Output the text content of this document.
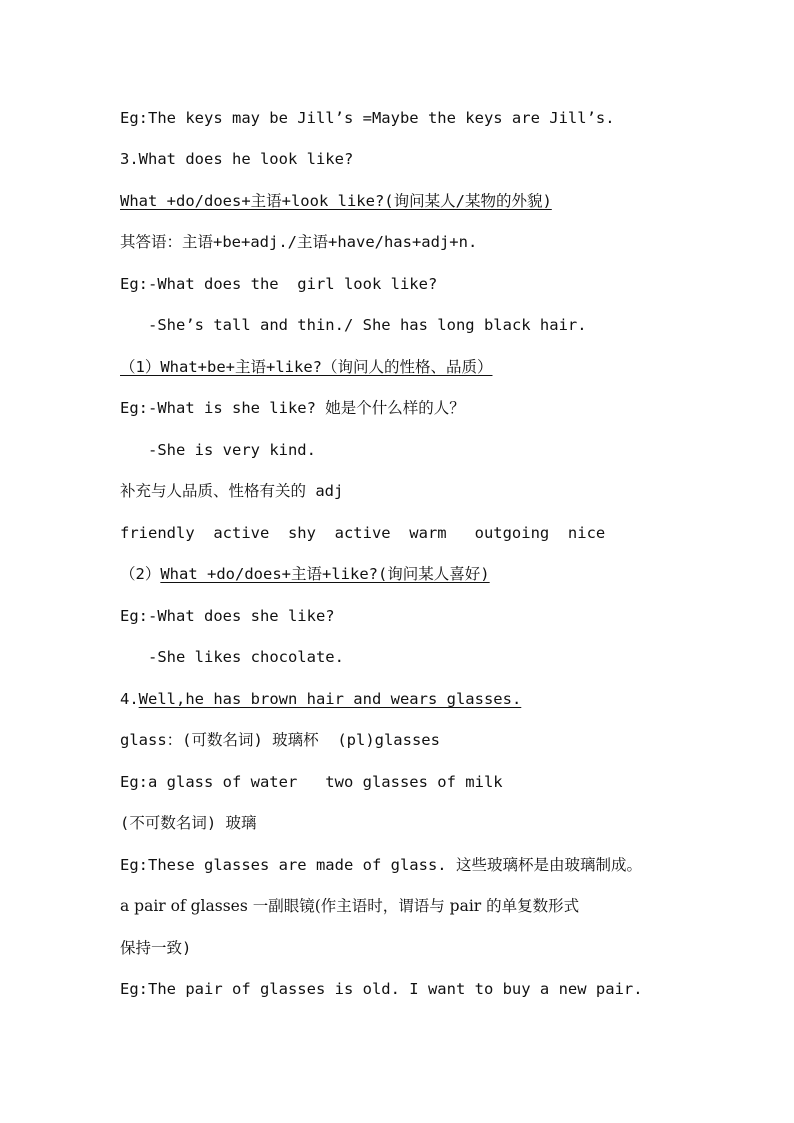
Eg:The keys may be Jill’s =Maybe the keys are Jill’s.
3.What does he look like?
What +do/does+主语+look like?(询问某人/某物的外貌)
其答语：主语+be+adj./主语+have/has+adj+n.
Eg:-What does the  girl look like?
-She’s tall and thin./ She has long black hair.
（1）What+be+主语+like?（询问人的性格、品质）
Eg:-What is she like? 她是个什么样的人？
-She is very kind.
补充与人品质、性格有关的 adj
friendly  active  shy  active  warm   outgoing  nice
（2）What +do/does+主语+like?(询问某人喜好)
Eg:-What does she like?
-She likes chocolate.
4.Well,he has brown hair and wears glasses.
glass：(可数名词) 玻璃杯  (pl)glasses
Eg:a glass of water   two glasses of milk
(不可数名词) 玻璃
Eg:These glasses are made of glass. 这些玻璃杯是由玻璃制成。
a pair of glasses 一副眼镜(作主语时，谓语与 pair 的单复数形式
保持一致)
Eg:The pair of glasses is old. I want to buy a new pair.
